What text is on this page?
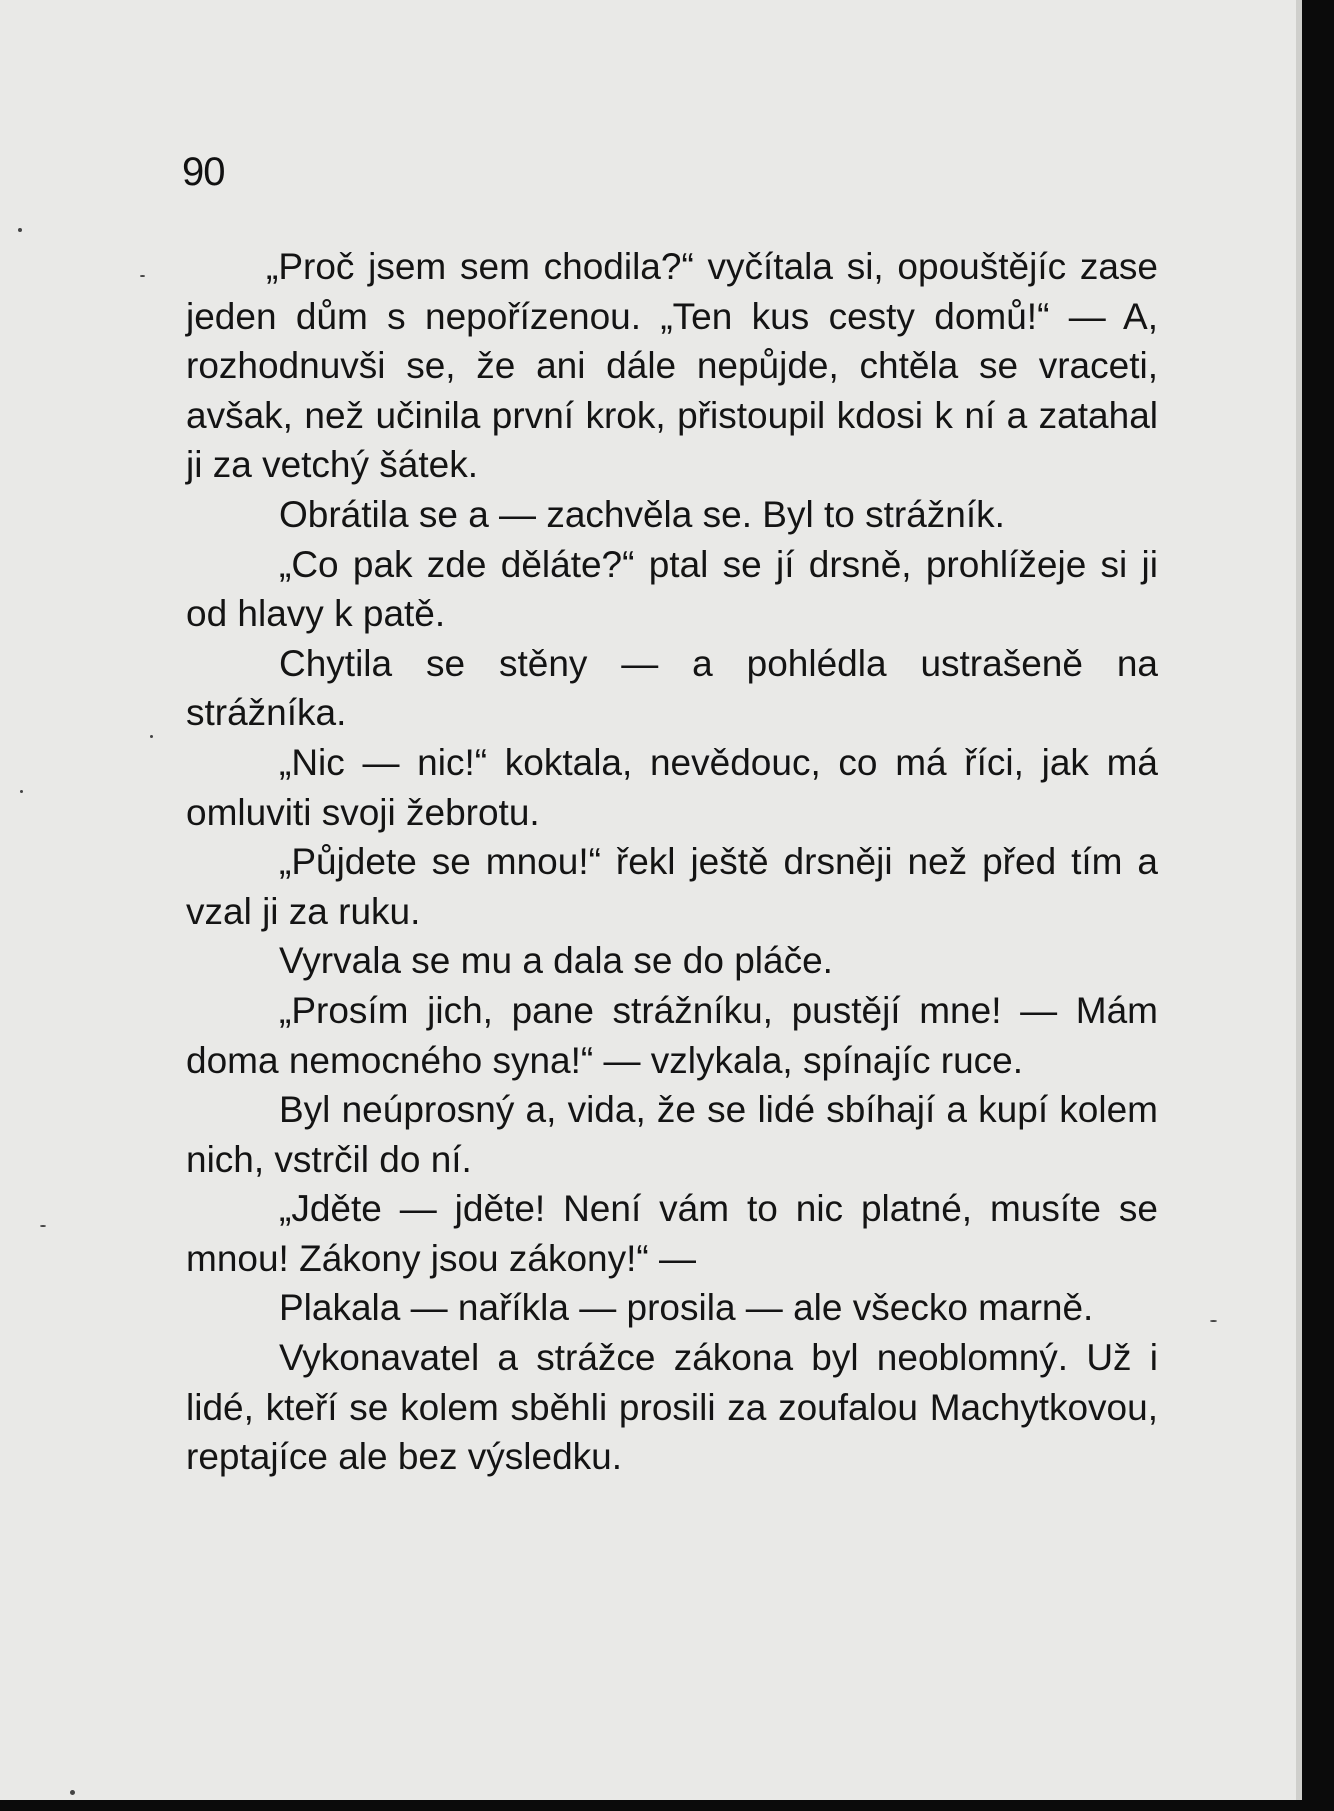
90

„Proč jsem sem chodila?“ vyčítala si, opouštějíc zase jeden dům s nepořízenou. „Ten kus cesty domů!“ — A, rozhodnuvši se, že ani dále nepůjde, chtěla se vraceti, avšak, než učinila první krok, přistoupil kdosi k ní a zatahal ji za vetchý šátek.

Obrátila se a — zachvěla se. Byl to strážník.

„Co pak zde děláte?“ ptal se jí drsně, prohlížeje si ji od hlavy k patě.

Chytila se stěny — a pohlédla ustrašeně na strážníka.

„Nic — nic!“ koktala, nevědouc, co má říci, jak má omluviti svoji žebrotu.

„Půjdete se mnou!“ řekl ještě drsněji než před tím a vzal ji za ruku.

Vyrvala se mu a dala se do pláče.

„Prosím jich, pane strážníku, pustějí mne! — Mám doma nemocného syna!“ — vzlykala, spínajíc ruce.

Byl neúprosný a, vida, že se lidé sbíhají a kupí kolem nich, vstrčil do ní.

„Jděte — jděte! Není vám to nic platné, musíte se mnou! Zákony jsou zákony!“ —

Plakala — naříkla — prosila — ale všecko marně.

Vykonavatel a strážce zákona byl neoblomný. Už i lidé, kteří se kolem sběhli prosili za zoufalou Machytkovou, reptajíce ale bez výsledku.
